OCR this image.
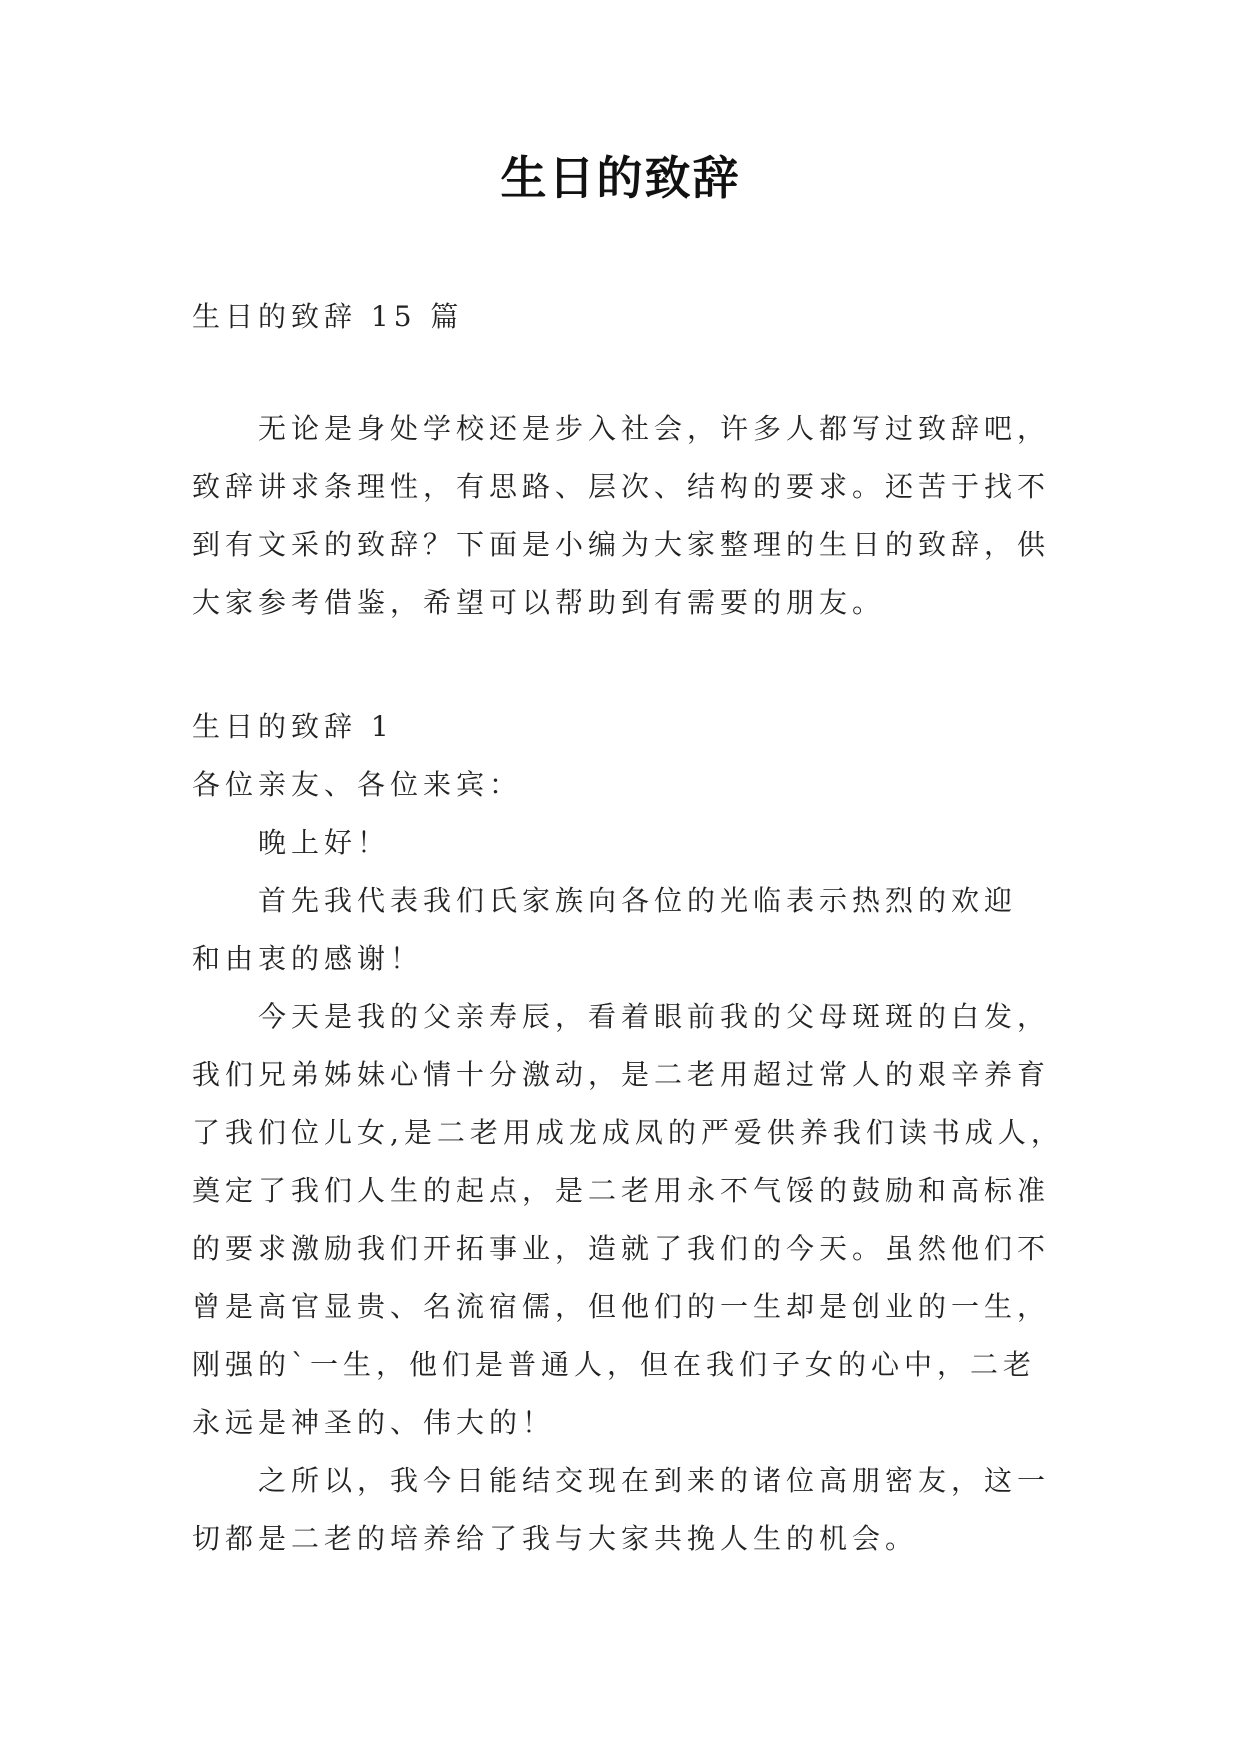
生日的致辞
生日的致辞 15 篇
无论是身处学校还是步入社会，许多人都写过致辞吧，
致辞讲求条理性，有思路、层次、结构的要求。还苦于找不
到有文采的致辞？下面是小编为大家整理的生日的致辞，供
大家参考借鉴，希望可以帮助到有需要的朋友。
生日的致辞 1
各位亲友、各位来宾：
晚上好！
首先我代表我们氏家族向各位的光临表示热烈的欢迎
和由衷的感谢！
今天是我的父亲寿辰，看着眼前我的父母斑斑的白发，
我们兄弟姊妹心情十分激动，是二老用超过常人的艰辛养育
了我们位儿女,是二老用成龙成凤的严爱供养我们读书成人，
奠定了我们人生的起点，是二老用永不气馁的鼓励和高标准
的要求激励我们开拓事业，造就了我们的今天。虽然他们不
曾是高官显贵、名流宿儒，但他们的一生却是创业的一生，
刚强的`一生，他们是普通人，但在我们子女的心中，二老
永远是神圣的、伟大的！
之所以，我今日能结交现在到来的诸位高朋密友，这一
切都是二老的培养给了我与大家共挽人生的机会。
